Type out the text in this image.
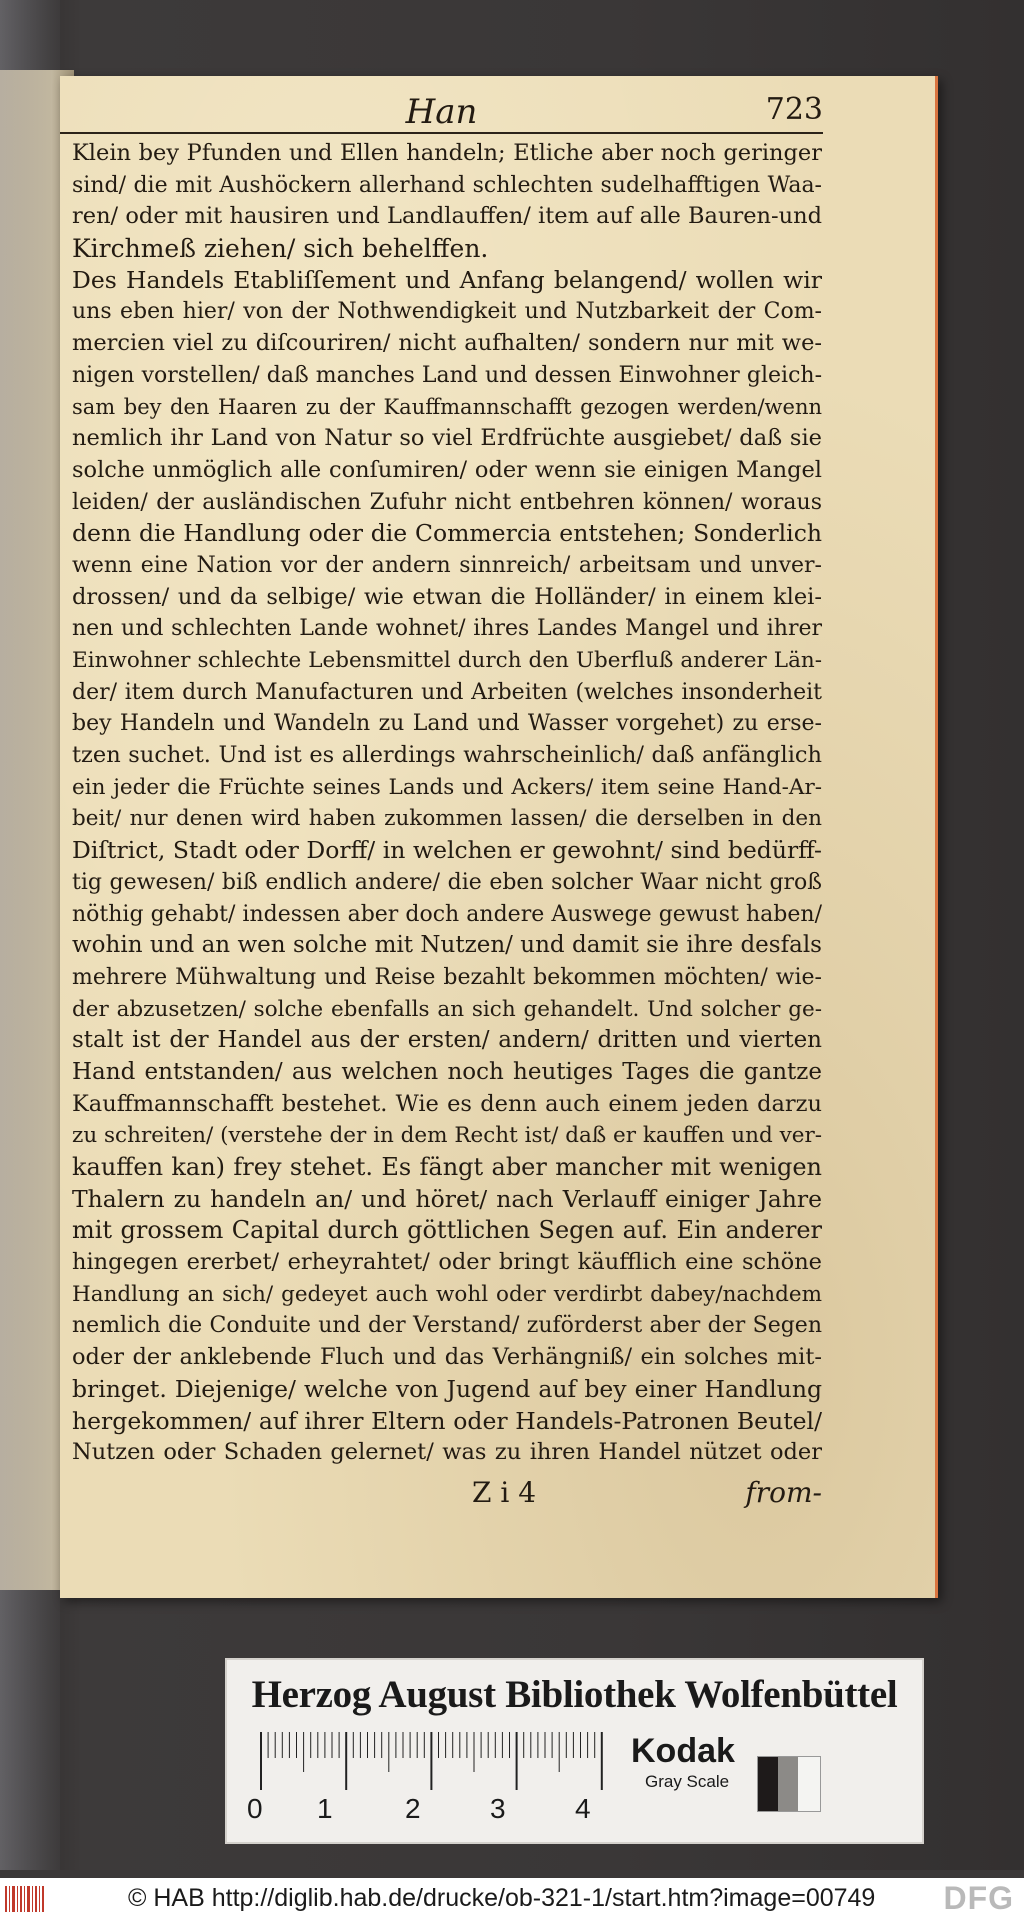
Han	723
Klein bey Pfunden und Ellen handeln; Etliche aber noch geringer
sind/ die mit Aushöckern allerhand schlechten sudelhafftigen Waa-
ren/ oder mit hausiren und Landlauffen/ item auf alle Bauren-und
Kirchmeß ziehen/ sich behelffen.
Des Handels Etabliſſement und Anfang belangend/ wollen wir
uns eben hier/ von der Nothwendigkeit und Nutzbarkeit der Com-
mercien viel zu diſcouriren/ nicht aufhalten/ sondern nur mit we-
nigen vorstellen/ daß manches Land und dessen Einwohner gleich-
sam bey den Haaren zu der Kauffmannschafft gezogen werden/wenn
nemlich ihr Land von Natur so viel Erdfrüchte ausgiebet/ daß sie
solche unmöglich alle conſumiren/ oder wenn sie einigen Mangel
leiden/ der ausländischen Zufuhr nicht entbehren können/ woraus
denn die Handlung oder die Commercia entstehen; Sonderlich
wenn eine Nation vor der andern sinnreich/ arbeitsam und unver-
drossen/ und da selbige/ wie etwan die Holländer/ in einem klei-
nen und schlechten Lande wohnet/ ihres Landes Mangel und ihrer
Einwohner schlechte Lebensmittel durch den Uberfluß anderer Län-
der/ item durch Manufacturen und Arbeiten (welches insonderheit
bey Handeln und Wandeln zu Land und Wasser vorgehet) zu erse-
tzen suchet. Und ist es allerdings wahrscheinlich/ daß anfänglich
ein jeder die Früchte seines Lands und Ackers/ item seine Hand-Ar-
beit/ nur denen wird haben zukommen lassen/ die derselben in den
Diſtrict, Stadt oder Dorff/ in welchen er gewohnt/ sind bedürff-
tig gewesen/ biß endlich andere/ die eben solcher Waar nicht groß
nöthig gehabt/ indessen aber doch andere Auswege gewust haben/
wohin und an wen solche mit Nutzen/ und damit sie ihre desfals
mehrere Mühwaltung und Reise bezahlt bekommen möchten/ wie-
der abzusetzen/ solche ebenfalls an sich gehandelt. Und solcher ge-
stalt ist der Handel aus der ersten/ andern/ dritten und vierten
Hand entstanden/ aus welchen noch heutiges Tages die gantze
Kauffmannschafft bestehet. Wie es denn auch einem jeden darzu
zu schreiten/ (verstehe der in dem Recht ist/ daß er kauffen und ver-
kauffen kan) frey stehet. Es fängt aber mancher mit wenigen
Thalern zu handeln an/ und höret/ nach Verlauff einiger Jahre
mit grossem Capital durch göttlichen Segen auf. Ein anderer
hingegen ererbet/ erheyrahtet/ oder bringt käufflich eine schöne
Handlung an sich/ gedeyet auch wohl oder verdirbt dabey/nachdem
nemlich die Conduite und der Verstand/ zuförderst aber der Segen
oder der anklebende Fluch und das Verhängniß/ ein solches mit-
bringet. Diejenige/ welche von Jugend auf bey einer Handlung
hergekommen/ auf ihrer Eltern oder Handels-Patronen Beutel/
Nutzen oder Schaden gelernet/ was zu ihren Handel nützet oder
Z i 4	from-
Herzog August Bibliothek Wolfenbüttel
0 1	2 3 4
Kodak
Gray Scale
© HAB http://diglib.hab.de/drucke/ob-321-1/start.htm?image=00749 DFG
